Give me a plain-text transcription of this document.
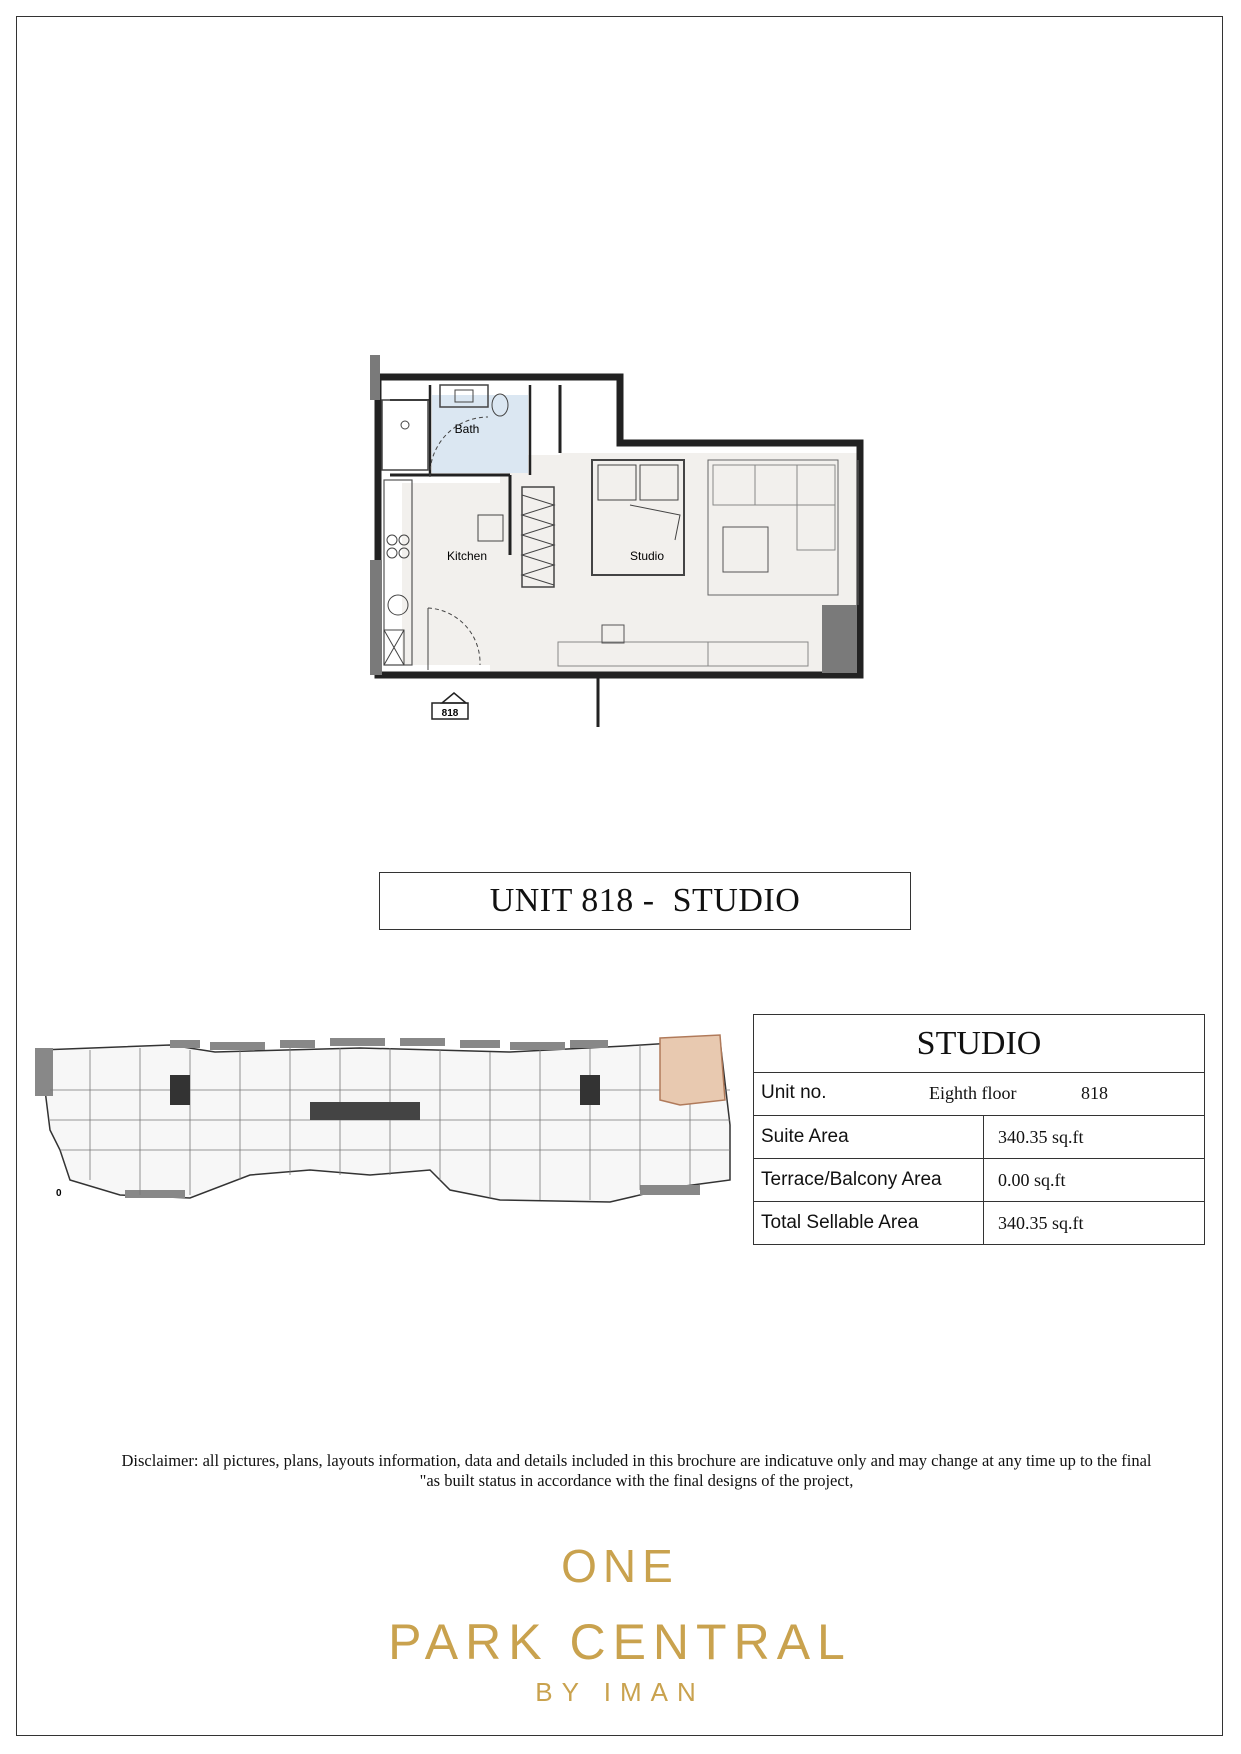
818
Bath
Kitchen	Studio
UNIT 818 -  STUDIO
0
STUDIO	

Unit no. Eighth floor 818	

Suite Area	340.35 sq.ft
Terrace/Balcony Area	0.00 sq.ft
Total Sellable Area	340.35 sq.ft
Disclaimer: all pictures, plans, layouts information, data and details included in this brochure are indicatuve only and may change at any time up to the final
"as built status in accordance with the final designs of the project,
ONE
PARK CENTRAL
BY IMAN
